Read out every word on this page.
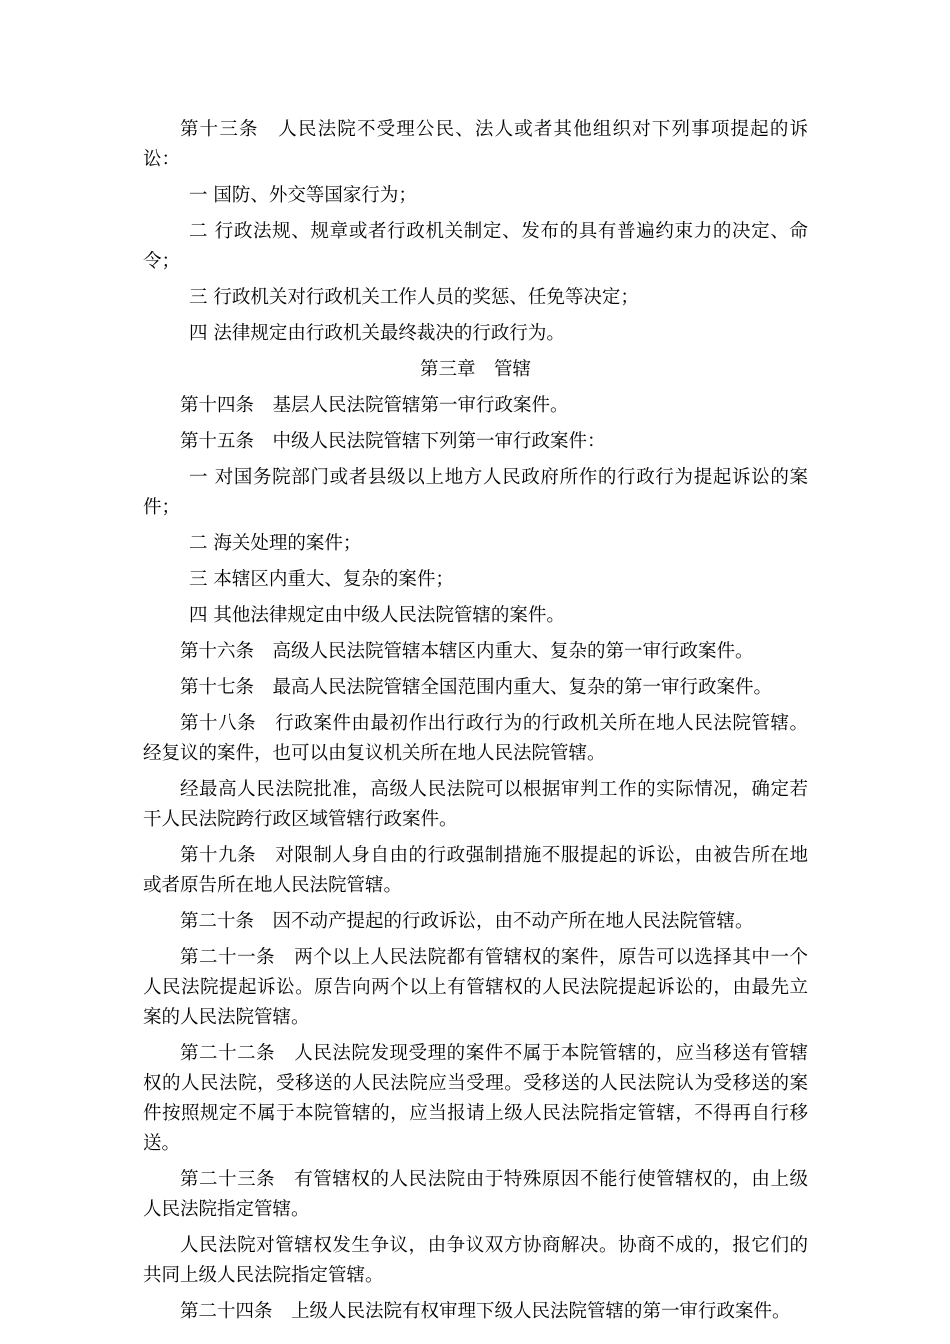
第十三条　人民法院不受理公民、法人或者其他组织对下列事项提起的诉讼：

一 国防、外交等国家行为；

二 行政法规、规章或者行政机关制定、发布的具有普遍约束力的决定、命令；

三 行政机关对行政机关工作人员的奖惩、任免等决定；

四 法律规定由行政机关最终裁决的行政行为。

第三章　管辖

第十四条　基层人民法院管辖第一审行政案件。

第十五条　中级人民法院管辖下列第一审行政案件：

一 对国务院部门或者县级以上地方人民政府所作的行政行为提起诉讼的案件；

二 海关处理的案件；

三 本辖区内重大、复杂的案件；

四 其他法律规定由中级人民法院管辖的案件。

第十六条　高级人民法院管辖本辖区内重大、复杂的第一审行政案件。

第十七条　最高人民法院管辖全国范围内重大、复杂的第一审行政案件。

第十八条　行政案件由最初作出行政行为的行政机关所在地人民法院管辖。经复议的案件，也可以由复议机关所在地人民法院管辖。

经最高人民法院批准，高级人民法院可以根据审判工作的实际情况，确定若干人民法院跨行政区域管辖行政案件。

第十九条　对限制人身自由的行政强制措施不服提起的诉讼，由被告所在地或者原告所在地人民法院管辖。

第二十条　因不动产提起的行政诉讼，由不动产所在地人民法院管辖。

第二十一条　两个以上人民法院都有管辖权的案件，原告可以选择其中一个人民法院提起诉讼。原告向两个以上有管辖权的人民法院提起诉讼的，由最先立案的人民法院管辖。

第二十二条　人民法院发现受理的案件不属于本院管辖的，应当移送有管辖权的人民法院，受移送的人民法院应当受理。受移送的人民法院认为受移送的案件按照规定不属于本院管辖的，应当报请上级人民法院指定管辖，不得再自行移送。

第二十三条　有管辖权的人民法院由于特殊原因不能行使管辖权的，由上级人民法院指定管辖。

人民法院对管辖权发生争议，由争议双方协商解决。协商不成的，报它们的共同上级人民法院指定管辖。

第二十四条　上级人民法院有权审理下级人民法院管辖的第一审行政案件。
